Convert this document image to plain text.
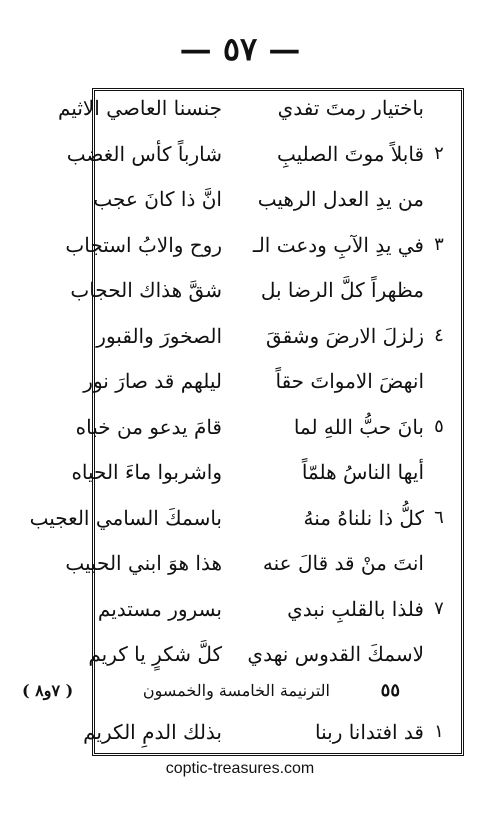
— ٥٧ —
باختيار رمتَ تفدي
جنسنا العاصي الاثيم
٢
قابلاً موتَ الصليبِ
شارباً كأس الغضب
من يدِ العدل الرهيب
انَّ ذا كانَ عجب
٣
في يدِ الآبِ ودعت الـ
روح والابُ استجاب
مظهراً كلَّ الرضا بل
شقَّ هذاك الحجاب
٤
زلزلَ الارضَ وشققَ
الصخورَ والقبور
انهضَ الامواتَ حقاً
ليلهم قد صارَ نور
٥
بانَ حبُّ اللهِ لما
قامَ يدعو من خباه
أيها الناسُ هلمّاً
واشربوا ماءَ الحياه
٦
كلُّ ذا نلناهُ منهُ
باسمكَ السامي العجيب
انتَ منْ قد قالَ عنه
هذا هوَ ابني الحبيب
٧
فلذا بالقلبِ نبدي
بسرور مستديم
لاسمكَ القدوس نهدي
كلَّ شكرٍ يا كريم
٥٥
الترنيمة الخامسة والخمسون
( ٧و٨ )
١
قد افتدانا ربنا
بذلك الدمِ الكريم
coptic-treasures.com
